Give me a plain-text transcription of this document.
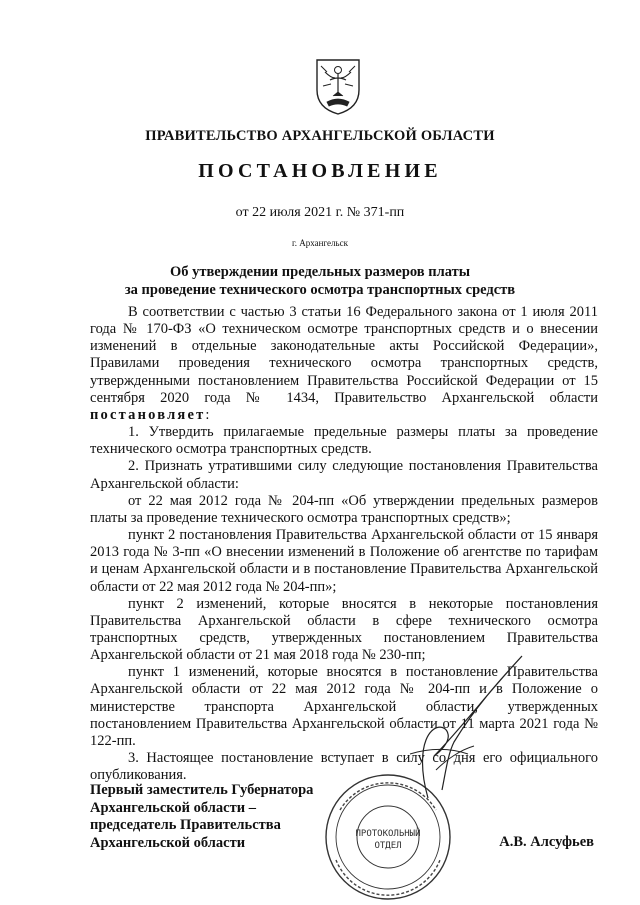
ПРАВИТЕЛЬСТВО АРХАНГЕЛЬСКОЙ ОБЛАСТИ
ПОСТАНОВЛЕНИЕ
от 22 июля 2021 г. № 371-пп
г. Архангельск
Об утверждении предельных размеров платы
за проведение технического осмотра транспортных средств

В соответствии с частью 3 статьи 16 Федерального закона от 1 июля 2011 года № 170-ФЗ «О техническом осмотре транспортных средств и о внесении изменений в отдельные законодательные акты Российской Федерации», Правилами проведения технического осмотра транспортных средств, утвержденными постановлением Правительства Российской Федерации от 15 сентября 2020 года № 1434, Правительство Архангельской области постановляет:

1. Утвердить прилагаемые предельные размеры платы за проведение технического осмотра транспортных средств.

2. Признать утратившими силу следующие постановления Правительства Архангельской области:

от 22 мая 2012 года № 204-пп «Об утверждении предельных размеров платы за проведение технического осмотра транспортных средств»;

пункт 2 постановления Правительства Архангельской области от 15 января 2013 года № 3-пп «О внесении изменений в Положение об агентстве по тарифам и ценам Архангельской области и в постановление Правительства Архангельской области от 22 мая 2012 года № 204-пп»;

пункт 2 изменений, которые вносятся в некоторые постановления Правительства Архангельской области в сфере технического осмотра транспортных средств, утвержденных постановлением Правительства Архангельской области от 21 мая 2018 года № 230-пп;

пункт 1 изменений, которые вносятся в постановление Правительства Архангельской области от 22 мая 2012 года № 204-пп и в Положение о министерстве транспорта Архангельской области, утвержденных постановлением Правительства Архангельской области от 11 марта 2021 года № 122-пп.

3. Настоящее постановление вступает в силу со дня его официального опубликования.

Первый заместитель Губернатора
Архангельской области –
председатель Правительства
Архангельской области	А.В. Алсуфьев
ПРОТОКОЛЬНЫЙ
ОТДЕЛ
